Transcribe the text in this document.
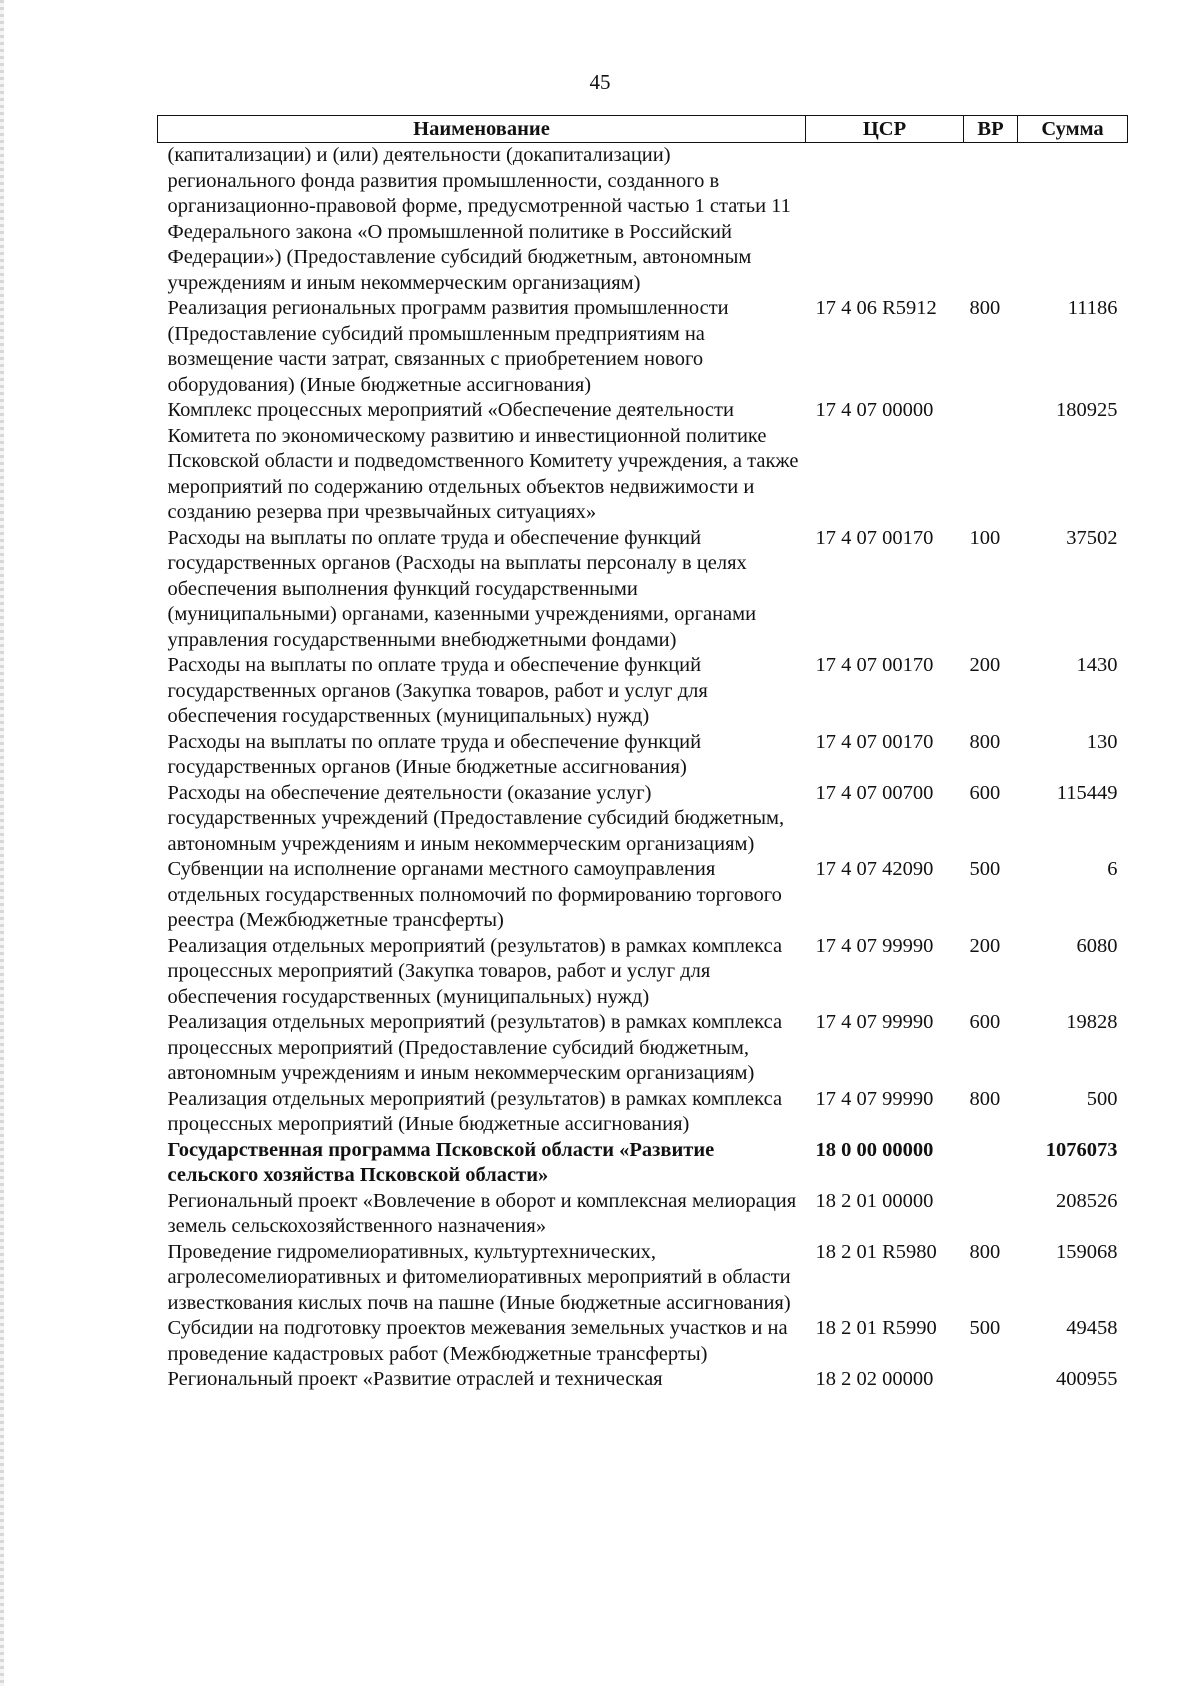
45
Наименование	ЦСР	ВР	Сумма
(капитализации) и (или) деятельности (докапитализации) регионального фонда развития промышленности, созданного в организационно-правовой форме, предусмотренной частью 1 статьи 11 Федерального закона «О промышленной политике в Российский Федерации») (Предоставление субсидий бюджетным, автономным учреждениям и иным некоммерческим организациям)			
Реализация региональных программ развития промышленности (Предоставление субсидий промышленным предприятиям на возмещение части затрат, связанных с приобретением нового оборудования) (Иные бюджетные ассигнования)	17 4 06 R5912	800	11186
Комплекс процессных мероприятий «Обеспечение деятельности Комитета по экономическому развитию и инвестиционной политике Псковской области и подведомственного Комитету учреждения, а также мероприятий по содержанию отдельных объектов недвижимости и созданию резерва при чрезвычайных ситуациях»	17 4 07 00000		180925
Расходы на выплаты по оплате труда и обеспечение функций государственных органов (Расходы на выплаты персоналу в целях обеспечения выполнения функций государственными (муниципальными) органами, казенными учреждениями, органами управления государственными внебюджетными фондами)	17 4 07 00170	100	37502
Расходы на выплаты по оплате труда и обеспечение функций государственных органов (Закупка товаров, работ и услуг для обеспечения государственных (муниципальных) нужд)	17 4 07 00170	200	1430
Расходы на выплаты по оплате труда и обеспечение функций государственных органов (Иные бюджетные ассигнования)	17 4 07 00170	800	130
Расходы на обеспечение деятельности (оказание услуг) государственных учреждений (Предоставление субсидий бюджетным, автономным учреждениям и иным некоммерческим организациям)	17 4 07 00700	600	115449
Субвенции на исполнение органами местного самоуправления отдельных государственных полномочий по формированию торгового реестра (Межбюджетные трансферты)	17 4 07 42090	500	6
Реализация отдельных мероприятий (результатов) в рамках комплекса процессных мероприятий (Закупка товаров, работ и услуг для обеспечения государственных (муниципальных) нужд)	17 4 07 99990	200	6080
Реализация отдельных мероприятий (результатов) в рамках комплекса процессных мероприятий (Предоставление субсидий бюджетным, автономным учреждениям и иным некоммерческим организациям)	17 4 07 99990	600	19828
Реализация отдельных мероприятий (результатов) в рамках комплекса процессных мероприятий (Иные бюджетные ассигнования)	17 4 07 99990	800	500
Государственная программа Псковской области «Развитие сельского хозяйства Псковской области»	18 0 00 00000		1076073
Региональный проект «Вовлечение в оборот и комплексная мелиорация земель сельскохозяйственного назначения»	18 2 01 00000		208526
Проведение гидромелиоративных, культуртехнических, агролесомелиоративных и фитомелиоративных мероприятий в области известкования кислых почв на пашне (Иные бюджетные ассигнования)	18 2 01 R5980	800	159068
Субсидии на подготовку проектов межевания земельных участков и на проведение кадастровых работ (Межбюджетные трансферты)	18 2 01 R5990	500	49458
Региональный проект «Развитие отраслей и техническая	18 2 02 00000		400955
